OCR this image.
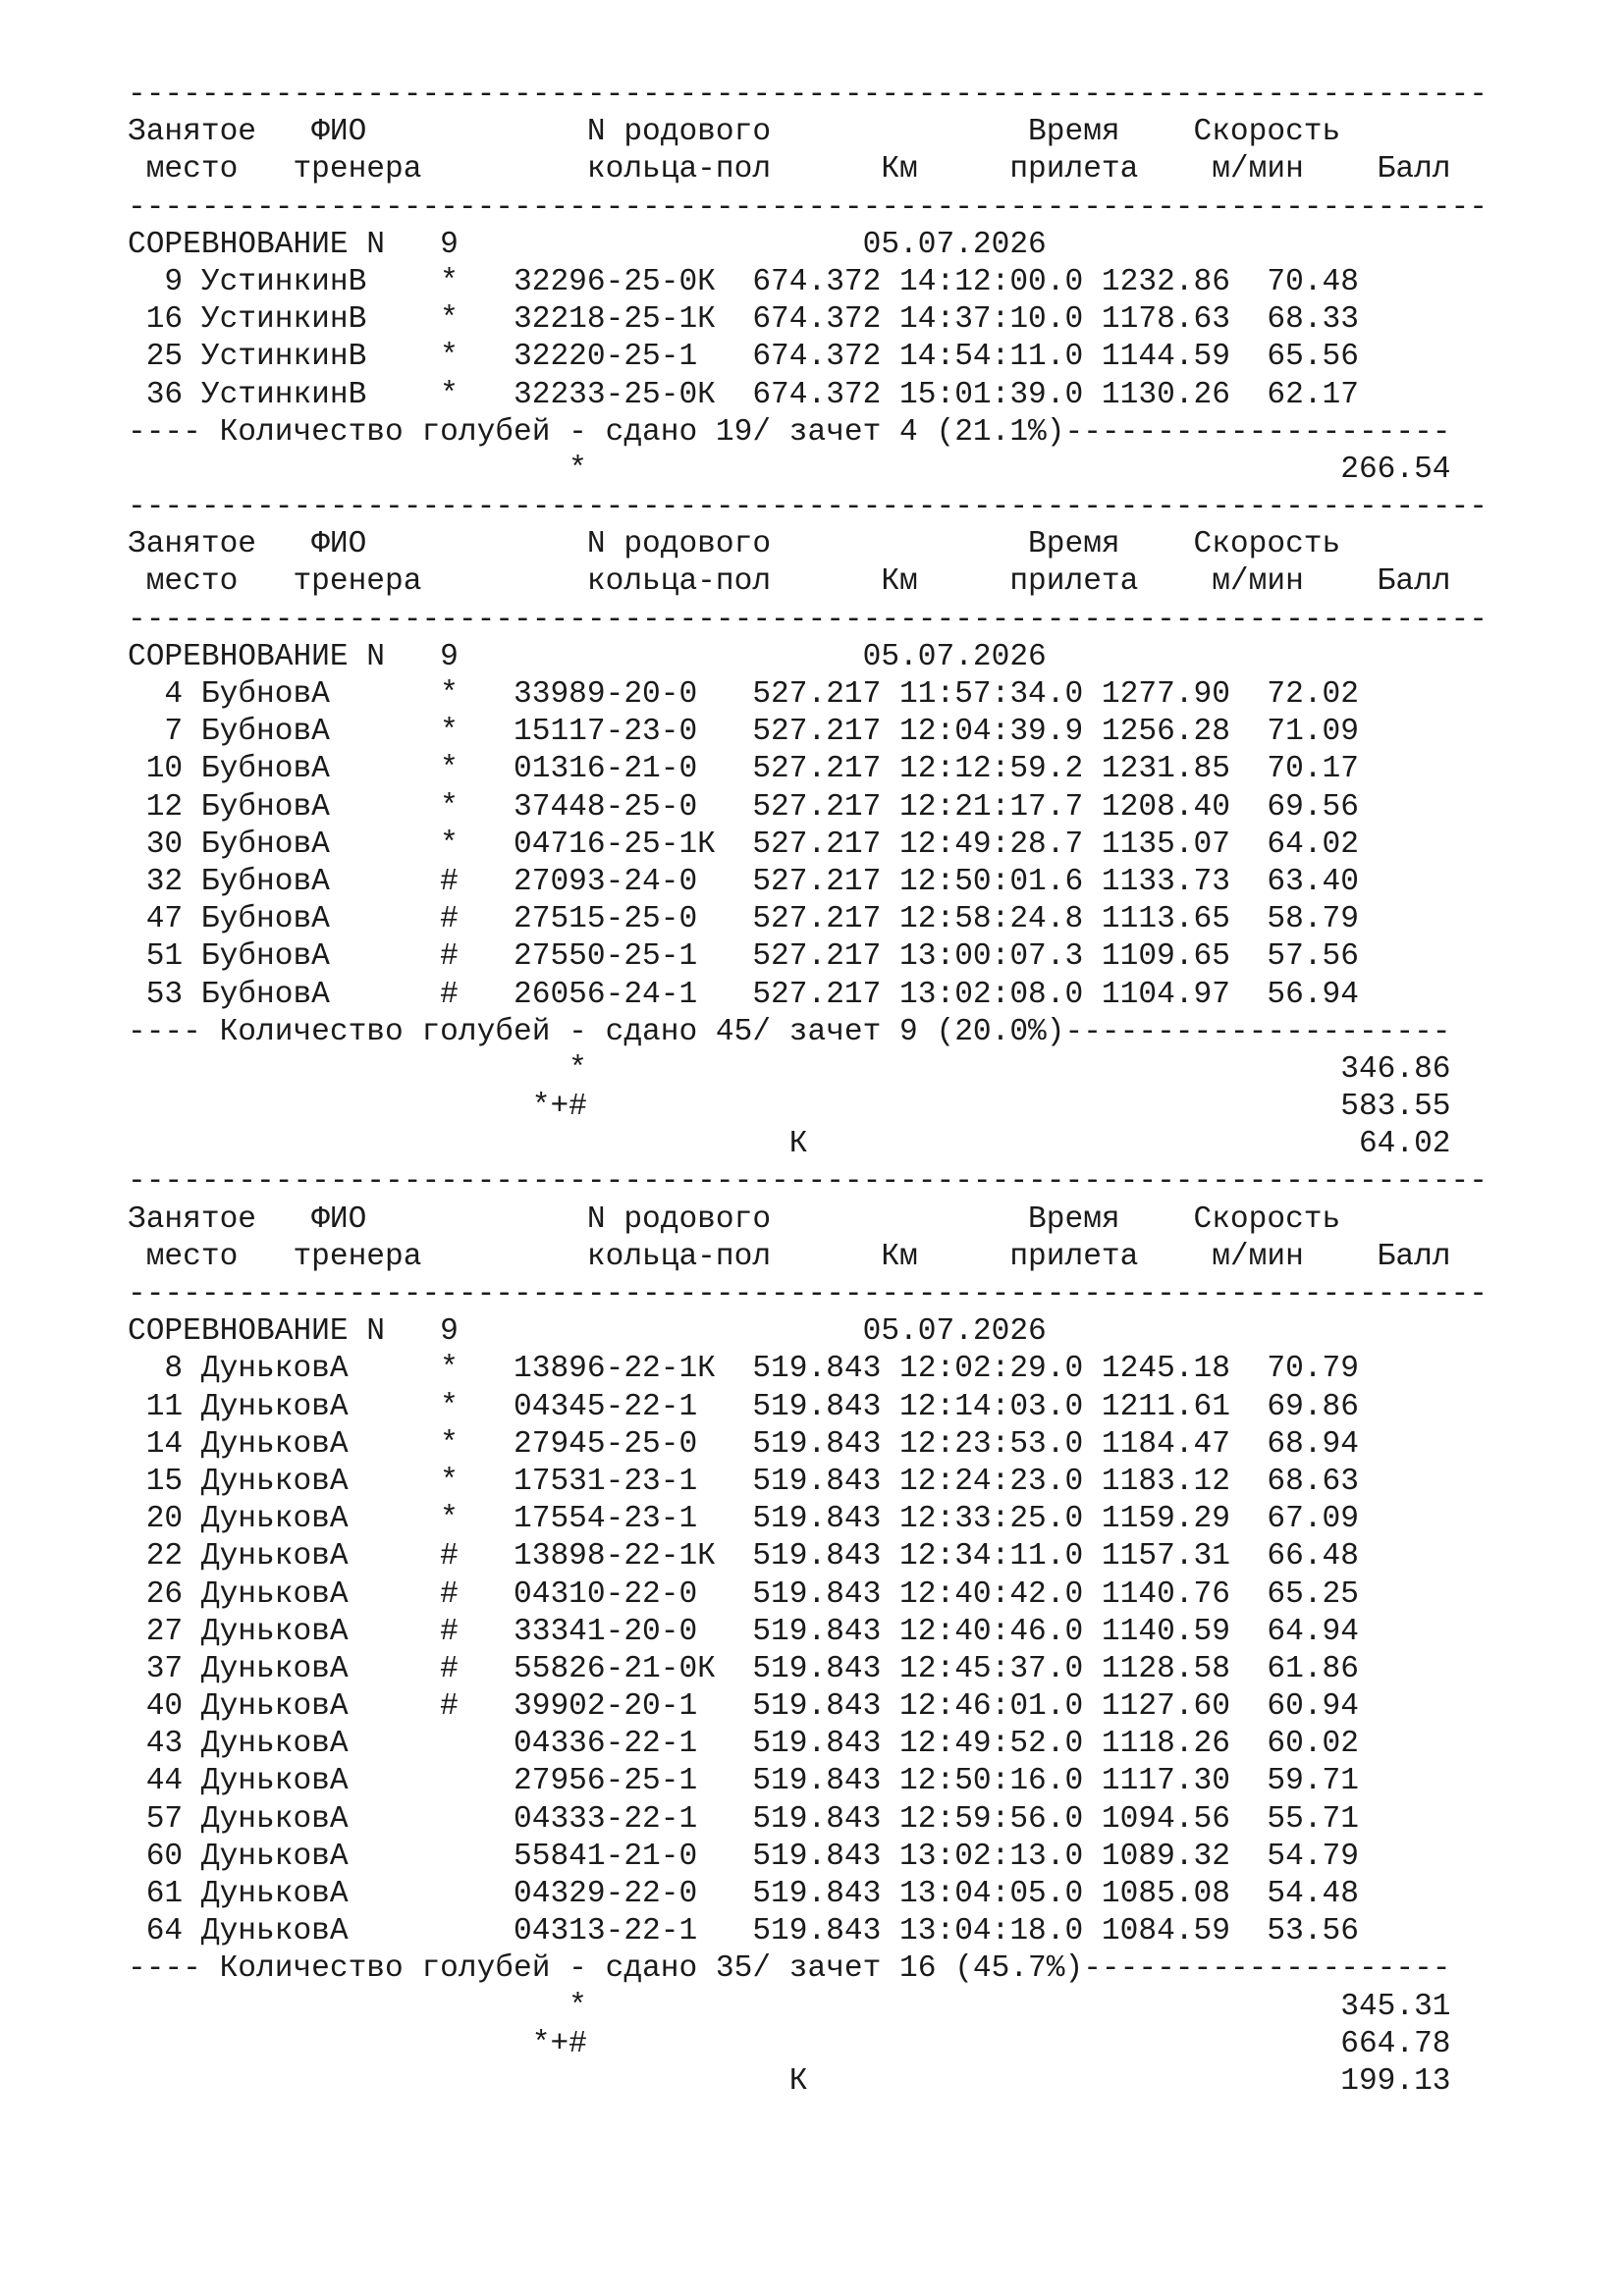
--------------------------------------------------------------------------
Занятое   ФИО            N родового              Время    Скорость
место   тренера         кольца-пол      Км     прилета    м/мин    Балл
--------------------------------------------------------------------------
СОРЕВНОВАНИЕ N   9                      05.07.2026
9 УстинкинВ    *   32296-25-0К  674.372 14:12:00.0 1232.86  70.48
16 УстинкинВ    *   32218-25-1К  674.372 14:37:10.0 1178.63  68.33
25 УстинкинВ    *   32220-25-1   674.372 14:54:11.0 1144.59  65.56
36 УстинкинВ    *   32233-25-0К  674.372 15:01:39.0 1130.26  62.17
---- Количество голубей - сдано 19/ зачет 4 (21.1%)---------------------
*                                         266.54
--------------------------------------------------------------------------
Занятое   ФИО            N родового              Время    Скорость
место   тренера         кольца-пол      Км     прилета    м/мин    Балл
--------------------------------------------------------------------------
СОРЕВНОВАНИЕ N   9                      05.07.2026
4 БубновА      *   33989-20-0   527.217 11:57:34.0 1277.90  72.02
7 БубновА      *   15117-23-0   527.217 12:04:39.9 1256.28  71.09
10 БубновА      *   01316-21-0   527.217 12:12:59.2 1231.85  70.17
12 БубновА      *   37448-25-0   527.217 12:21:17.7 1208.40  69.56
30 БубновА      *   04716-25-1К  527.217 12:49:28.7 1135.07  64.02
32 БубновА      #   27093-24-0   527.217 12:50:01.6 1133.73  63.40
47 БубновА      #   27515-25-0   527.217 12:58:24.8 1113.65  58.79
51 БубновА      #   27550-25-1   527.217 13:00:07.3 1109.65  57.56
53 БубновА      #   26056-24-1   527.217 13:02:08.0 1104.97  56.94
---- Количество голубей - сдано 45/ зачет 9 (20.0%)---------------------
*                                         346.86
*+#                                         583.55
К                              64.02
--------------------------------------------------------------------------
Занятое   ФИО            N родового              Время    Скорость
место   тренера         кольца-пол      Км     прилета    м/мин    Балл
--------------------------------------------------------------------------
СОРЕВНОВАНИЕ N   9                      05.07.2026
8 ДуньковА     *   13896-22-1К  519.843 12:02:29.0 1245.18  70.79
11 ДуньковА     *   04345-22-1   519.843 12:14:03.0 1211.61  69.86
14 ДуньковА     *   27945-25-0   519.843 12:23:53.0 1184.47  68.94
15 ДуньковА     *   17531-23-1   519.843 12:24:23.0 1183.12  68.63
20 ДуньковА     *   17554-23-1   519.843 12:33:25.0 1159.29  67.09
22 ДуньковА     #   13898-22-1К  519.843 12:34:11.0 1157.31  66.48
26 ДуньковА     #   04310-22-0   519.843 12:40:42.0 1140.76  65.25
27 ДуньковА     #   33341-20-0   519.843 12:40:46.0 1140.59  64.94
37 ДуньковА     #   55826-21-0К  519.843 12:45:37.0 1128.58  61.86
40 ДуньковА     #   39902-20-1   519.843 12:46:01.0 1127.60  60.94
43 ДуньковА         04336-22-1   519.843 12:49:52.0 1118.26  60.02
44 ДуньковА         27956-25-1   519.843 12:50:16.0 1117.30  59.71
57 ДуньковА         04333-22-1   519.843 12:59:56.0 1094.56  55.71
60 ДуньковА         55841-21-0   519.843 13:02:13.0 1089.32  54.79
61 ДуньковА         04329-22-0   519.843 13:04:05.0 1085.08  54.48
64 ДуньковА         04313-22-1   519.843 13:04:18.0 1084.59  53.56
---- Количество голубей - сдано 35/ зачет 16 (45.7%)--------------------
*                                         345.31
*+#                                         664.78
К                             199.13
